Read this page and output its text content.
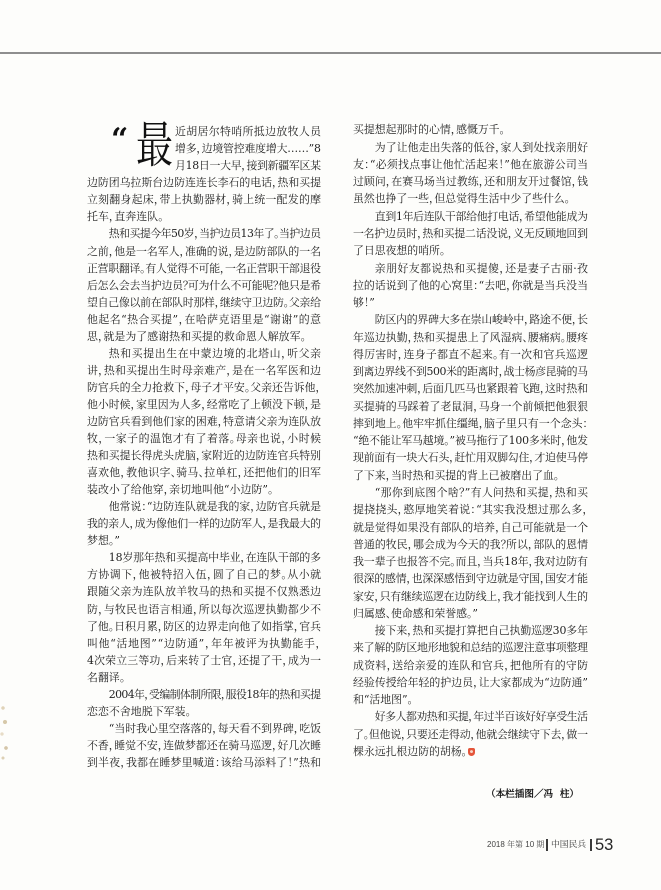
“ 最 近胡居尔特哨所抵边放牧人员
增多，边境管控难度增大……”8
月18日一大早，接到新疆军区某
边防团乌拉斯台边防连连长李石的电话，热和买提
立刻翻身起床，带上执勤器材，骑上统一配发的摩
托车，直奔连队。
热和买提今年50岁，当护边员13年了。当护边员
之前，他是一名军人，准确的说，是边防部队的一名
正营职翻译。有人觉得不可能，一名正营职干部退役
后怎么会去当护边员？可为什么不可能呢？他只是希
望自己像以前在部队时那样，继续守卫边防。父亲给
他起名“热合买提”，在哈萨克语里是“谢谢”的意
思，就是为了感谢热和买提的救命恩人解放军。
热和买提出生在中蒙边境的北塔山，听父亲
讲，热和买提出生时母亲难产，是在一名军医和边
防官兵的全力抢救下，母子才平安。父亲还告诉他，
他小时候，家里因为人多，经常吃了上顿没下顿，是
边防官兵看到他们家的困难，特意请父亲为连队放
牧，一家子的温饱才有了着落。母亲也说，小时候
热和买提长得虎头虎脑，家附近的边防连官兵特别
喜欢他，教他识字、骑马、拉单杠，还把他们的旧军
装改小了给他穿，亲切地叫他“小边防”。
他常说：“边防连队就是我的家，边防官兵就是
我的亲人，成为像他们一样的边防军人，是我最大的
梦想。”
18岁那年热和买提高中毕业，在连队干部的多
方协调下，他被特招入伍，圆了自己的梦。从小就
跟随父亲为连队放羊牧马的热和买提不仅熟悉边
防，与牧民也语言相通，所以每次巡逻执勤都少不
了他。日积月累，防区的边界走向他了如指掌，官兵
叫他“活地图”“边防通”，年年被评为执勤能手，
4次荣立三等功，后来转了士官，还提了干，成为一
名翻译。
2004年，受编制体制所限，服役18年的热和买提
恋恋不舍地脱下军装。
“当时我心里空落落的，每天看不到界碑，吃饭
不香，睡觉不安，连做梦都还在骑马巡逻，好几次睡
到半夜，我都在睡梦里喊道：该给马添料了！”热和
买提想起那时的心情，感慨万千。
为了让他走出失落的低谷，家人到处找亲朋好
友：“必须找点事让他忙活起来！”他在旅游公司当
过顾问，在赛马场当过教练，还和朋友开过餐馆，钱
虽然也挣了一些，但总觉得生活中少了些什么。
直到1年后连队干部给他打电话，希望他能成为
一名护边员时，热和买提二话没说，义无反顾地回到
了日思夜想的哨所。
亲朋好友都说热和买提傻，还是妻子古丽·孜
拉的话说到了他的心窝里：“去吧，你就是当兵没当
够！”
防区内的界碑大多在崇山峻岭中，路途不便，长
年巡边执勤，热和买提患上了风湿病、腰痛病。腰疼
得厉害时，连身子都直不起来。有一次和官兵巡逻
到离边界线不到500米的距离时，战士杨彦昆骑的马
突然加速冲刺，后面几匹马也紧跟着飞跑，这时热和
买提骑的马踩着了老鼠洞，马身一个前倾把他狠狠
摔到地上。他牢牢抓住缰绳，脑子里只有一个念头：
“绝不能让军马越境。”被马拖行了100多米时，他发
现前面有一块大石头，赶忙用双脚勾住，才迫使马停
了下来，当时热和买提的背上已被磨出了血。
“那你到底图个啥？”有人问热和买提，热和买
提挠挠头，憨厚地笑着说：“其实我没想过那么多，
就是觉得如果没有部队的培养，自己可能就是一个
普通的牧民，哪会成为今天的我？所以，部队的恩情
我一辈子也报答不完。而且，当兵18年，我对边防有
很深的感情，也深深感悟到守边就是守国，国安才能
家安，只有继续巡逻在边防线上，我才能找到人生的
归属感、使命感和荣誉感。”
接下来，热和买提打算把自己执勤巡逻30多年
来了解的防区地形地貌和总结的巡逻注意事项整理
成资料，送给亲爱的连队和官兵，把他所有的守防
经验传授给年轻的护边员，让大家都成为“边防通”
和“活地图”。
好多人都劝热和买提，年过半百该好好享受生活
了。但他说，只要还走得动，他就会继续守下去，做一
棵永远扎根边防的胡杨。
（本栏插图／冯  柱）
2018 年第 10 期 中国民兵 53
